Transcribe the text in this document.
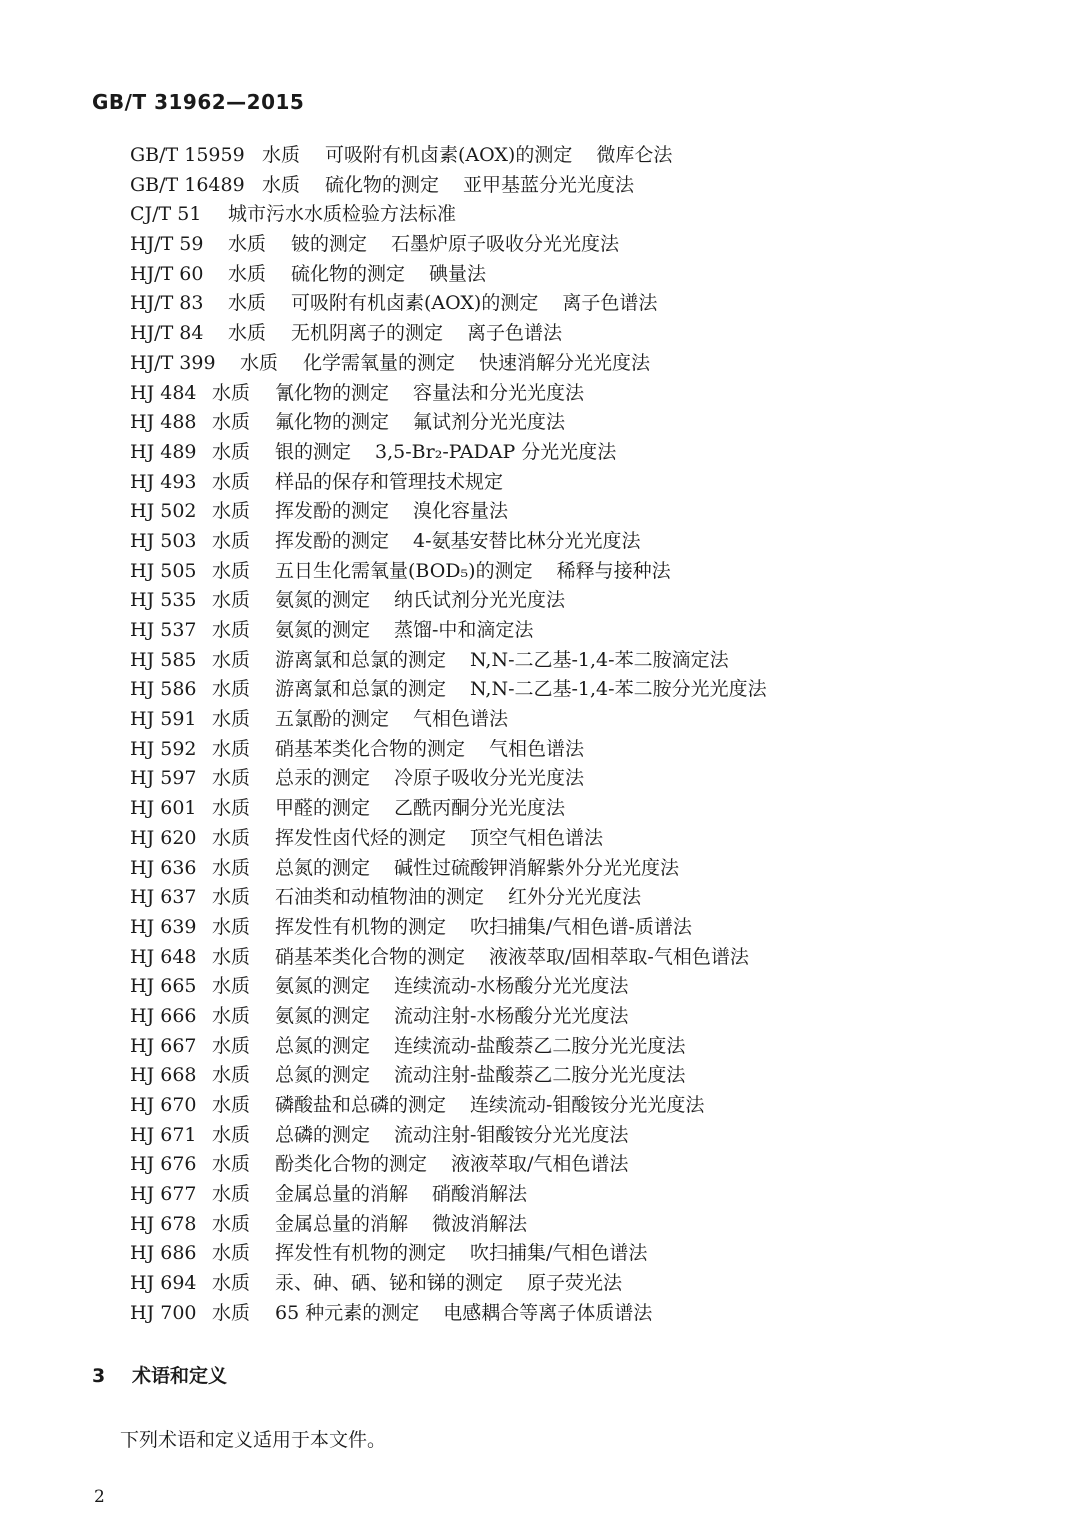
GB/T 31962—2015
GB/T 15959 水质 可吸附有机卤素(AOX)的测定 微库仑法
GB/T 16489 水质 硫化物的测定 亚甲基蓝分光光度法
CJ/T 51 城市污水水质检验方法标准
HJ/T 59 水质 铍的测定 石墨炉原子吸收分光光度法
HJ/T 60 水质 硫化物的测定 碘量法
HJ/T 83 水质 可吸附有机卤素(AOX)的测定 离子色谱法
HJ/T 84 水质 无机阴离子的测定 离子色谱法
HJ/T 399 水质 化学需氧量的测定 快速消解分光光度法
HJ 484 水质 氰化物的测定 容量法和分光光度法
HJ 488 水质 氟化物的测定 氟试剂分光光度法
HJ 489 水质 银的测定 3,5-Br₂-PADAP 分光光度法
HJ 493 水质 样品的保存和管理技术规定
HJ 502 水质 挥发酚的测定 溴化容量法
HJ 503 水质 挥发酚的测定 4-氨基安替比林分光光度法
HJ 505 水质 五日生化需氧量(BOD₅)的测定 稀释与接种法
HJ 535 水质 氨氮的测定 纳氏试剂分光光度法
HJ 537 水质 氨氮的测定 蒸馏-中和滴定法
HJ 585 水质 游离氯和总氯的测定 N,N-二乙基-1,4-苯二胺滴定法
HJ 586 水质 游离氯和总氯的测定 N,N-二乙基-1,4-苯二胺分光光度法
HJ 591 水质 五氯酚的测定 气相色谱法
HJ 592 水质 硝基苯类化合物的测定 气相色谱法
HJ 597 水质 总汞的测定 冷原子吸收分光光度法
HJ 601 水质 甲醛的测定 乙酰丙酮分光光度法
HJ 620 水质 挥发性卤代烃的测定 顶空气相色谱法
HJ 636 水质 总氮的测定 碱性过硫酸钾消解紫外分光光度法
HJ 637 水质 石油类和动植物油的测定 红外分光光度法
HJ 639 水质 挥发性有机物的测定 吹扫捕集/气相色谱-质谱法
HJ 648 水质 硝基苯类化合物的测定 液液萃取/固相萃取-气相色谱法
HJ 665 水质 氨氮的测定 连续流动-水杨酸分光光度法
HJ 666 水质 氨氮的测定 流动注射-水杨酸分光光度法
HJ 667 水质 总氮的测定 连续流动-盐酸萘乙二胺分光光度法
HJ 668 水质 总氮的测定 流动注射-盐酸萘乙二胺分光光度法
HJ 670 水质 磷酸盐和总磷的测定 连续流动-钼酸铵分光光度法
HJ 671 水质 总磷的测定 流动注射-钼酸铵分光光度法
HJ 676 水质 酚类化合物的测定 液液萃取/气相色谱法
HJ 677 水质 金属总量的消解 硝酸消解法
HJ 678 水质 金属总量的消解 微波消解法
HJ 686 水质 挥发性有机物的测定 吹扫捕集/气相色谱法
HJ 694 水质 汞、砷、硒、铋和锑的测定 原子荧光法
HJ 700 水质 65 种元素的测定 电感耦合等离子体质谱法
3 术语和定义
下列术语和定义适用于本文件。
2
